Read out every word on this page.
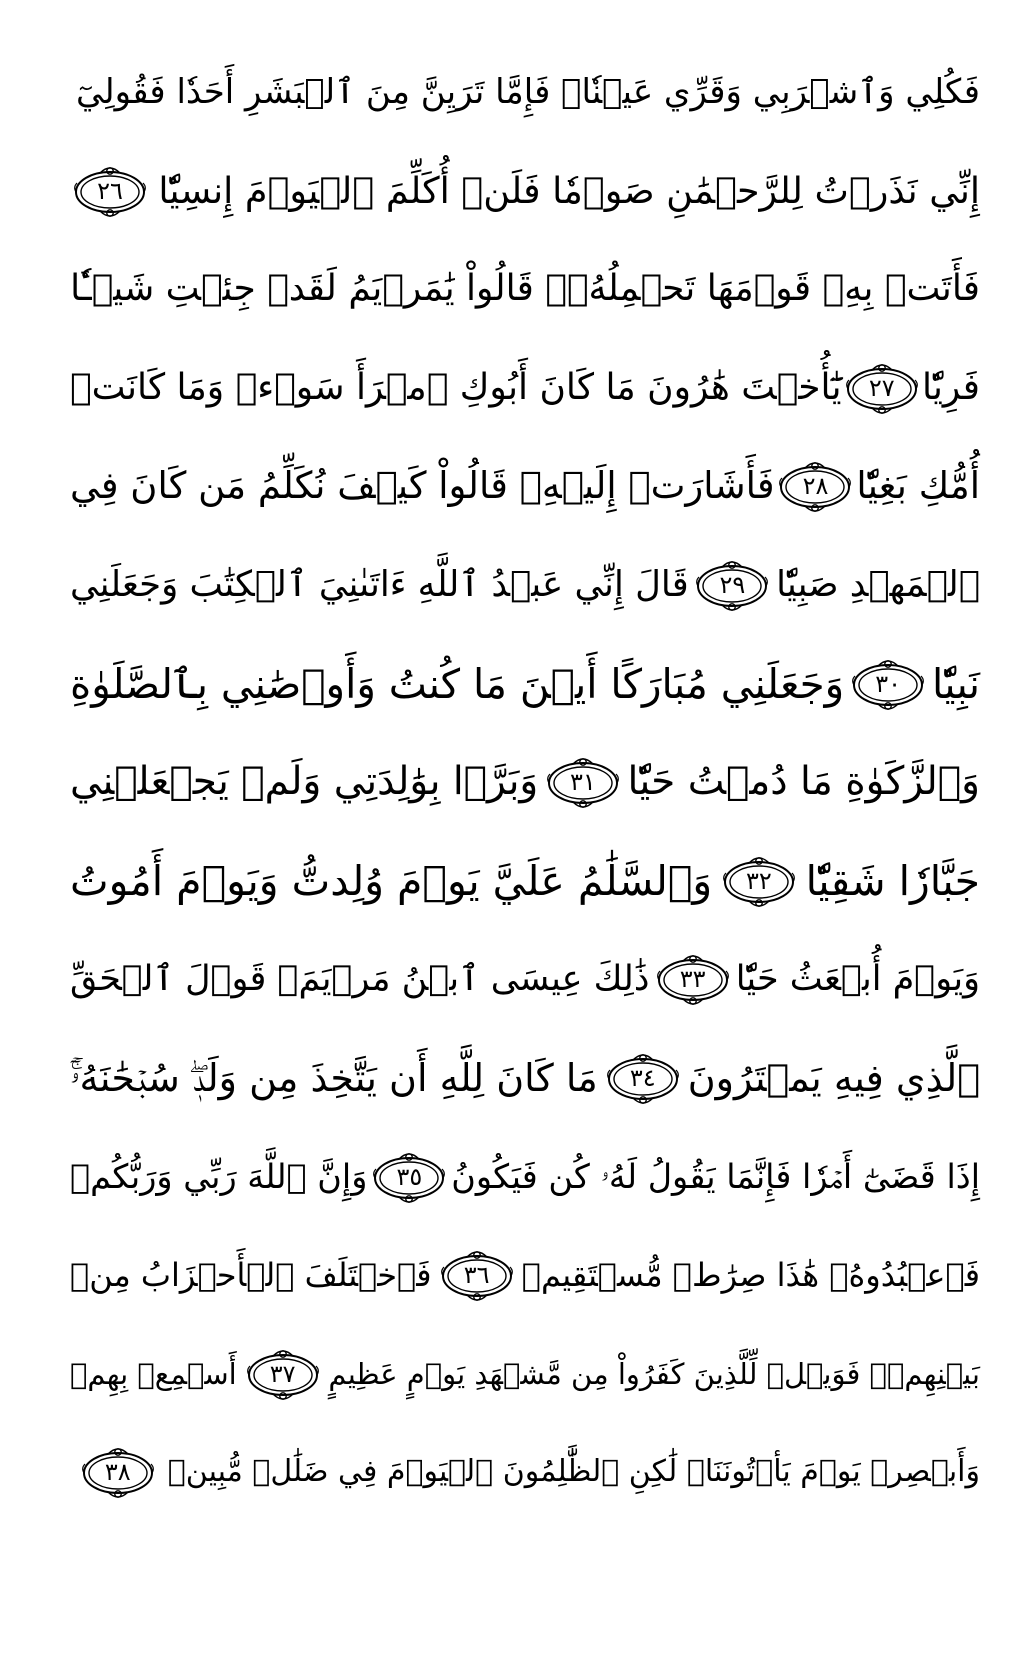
فَكُلِي وَٱشۡرَبِي وَقَرِّي عَيۡنٗاۖ فَإِمَّا تَرَيِنَّ مِنَ ٱلۡبَشَرِ أَحَدٗا فَقُولِيٓ
إِنِّي نَذَرۡتُ لِلرَّحۡمَٰنِ صَوۡمٗا فَلَنۡ أُكَلِّمَ ٱلۡيَوۡمَ إِنسِيّٗا
٢٦
فَأَتَتۡ بِهِۦ قَوۡمَهَا تَحۡمِلُهُۥۖ قَالُواْ يَٰمَرۡيَمُ لَقَدۡ جِئۡتِ شَيۡـٔٗا
فَرِيّٗا
٢٧
يَٰٓأُخۡتَ هَٰرُونَ مَا كَانَ أَبُوكِ ٱمۡرَأَ سَوۡءٖ وَمَا كَانَتۡ
أُمُّكِ بَغِيّٗا
٢٨
فَأَشَارَتۡ إِلَيۡهِۖ قَالُواْ كَيۡفَ نُكَلِّمُ مَن كَانَ فِي
ٱلۡمَهۡدِ صَبِيّٗا
٢٩
قَالَ إِنِّي عَبۡدُ ٱللَّهِ ءَاتَىٰنِيَ ٱلۡكِتَٰبَ وَجَعَلَنِي
نَبِيّٗا
٣٠
وَجَعَلَنِي مُبَارَكًا أَيۡنَ مَا كُنتُ وَأَوۡصَٰنِي بِٱلصَّلَوٰةِ
وَٱلزَّكَوٰةِ مَا دُمۡتُ حَيّٗا
٣١
وَبَرَّۢا بِوَٰلِدَتِي وَلَمۡ يَجۡعَلۡنِي
جَبَّارٗا شَقِيّٗا
٣٢
وَٱلسَّلَٰمُ عَلَيَّ يَوۡمَ وُلِدتُّ وَيَوۡمَ أَمُوتُ
وَيَوۡمَ أُبۡعَثُ حَيّٗا
٣٣
ذَٰلِكَ عِيسَى ٱبۡنُ مَرۡيَمَۖ قَوۡلَ ٱلۡحَقِّ
ٱلَّذِي فِيهِ يَمۡتَرُونَ
٣٤
مَا كَانَ لِلَّهِ أَن يَتَّخِذَ مِن وَلَدٖۖ سُبۡحَٰنَهُۥٓۚ
إِذَا قَضَىٰٓ أَمۡرٗا فَإِنَّمَا يَقُولُ لَهُۥ كُن فَيَكُونُ
٣٥
وَإِنَّ ٱللَّهَ رَبِّي وَرَبُّكُمۡ
فَٱعۡبُدُوهُۚ هَٰذَا صِرَٰطٞ مُّسۡتَقِيمٞ
٣٦
فَٱخۡتَلَفَ ٱلۡأَحۡزَابُ مِنۢ
بَيۡنِهِمۡۖ فَوَيۡلٞ لِّلَّذِينَ كَفَرُواْ مِن مَّشۡهَدِ يَوۡمٍ عَظِيمٍ
٣٧
أَسۡمِعۡ بِهِمۡ
وَأَبۡصِرۡ يَوۡمَ يَأۡتُونَنَاۖ لَٰكِنِ ٱلظَّٰلِمُونَ ٱلۡيَوۡمَ فِي ضَلَٰلٖ مُّبِينٖ
٣٨
